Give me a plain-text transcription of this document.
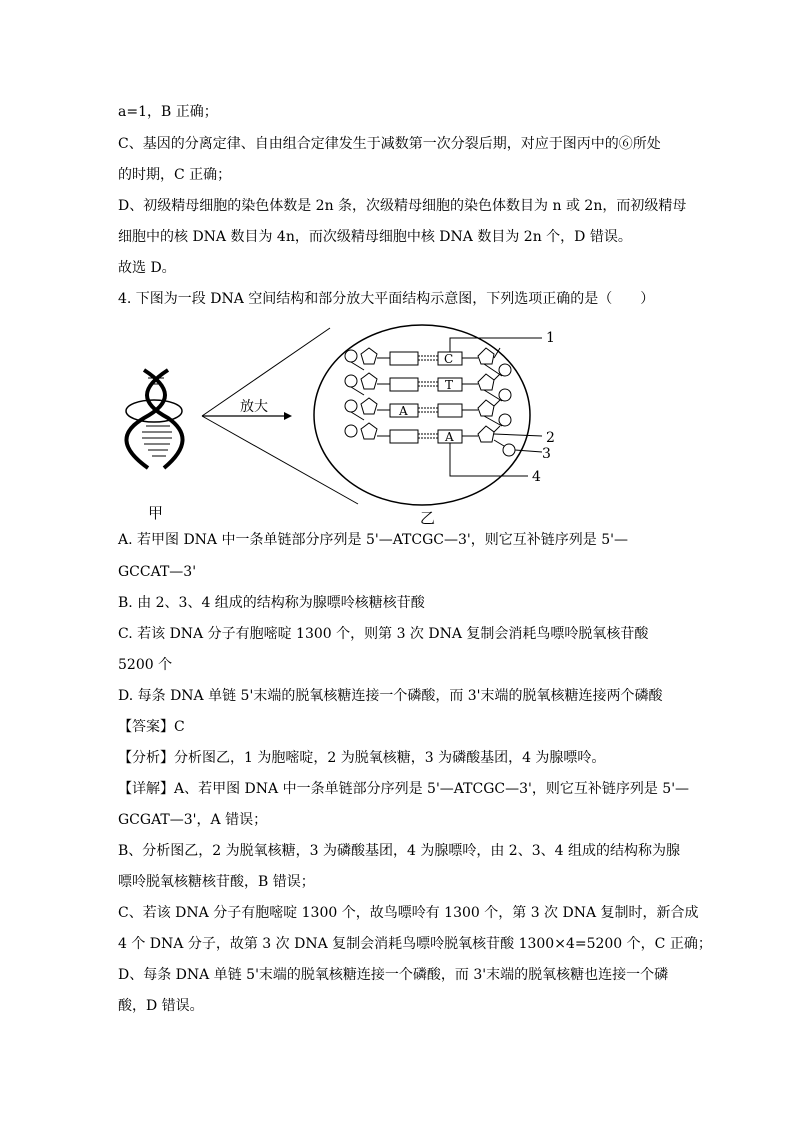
a=1，B 正确；
C、基因的分离定律、自由组合定律发生于减数第一次分裂后期，对应于图丙中的⑥所处
的时期，C 正确；
D、初级精母细胞的染色体数是 2n 条，次级精母细胞的染色体数目为 n 或 2n，而初级精母
细胞中的核 DNA 数目为 4n，而次级精母细胞中核 DNA 数目为 2n 个，D 错误。
故选 D。
4. 下图为一段 DNA 空间结构和部分放大平面结构示意图，下列选项正确的是（　　）
甲
放大
C
T
A
A
1
2
3
4
乙
A. 若甲图 DNA 中一条单链部分序列是 5'—ATCGC—3'，则它互补链序列是 5'—
GCCAT—3'
B. 由 2、3、4 组成的结构称为腺嘌呤核糖核苷酸
C. 若该 DNA 分子有胞嘧啶 1300 个，则第 3 次 DNA 复制会消耗鸟嘌呤脱氧核苷酸
5200 个
D. 每条 DNA 单链 5'末端的脱氧核糖连接一个磷酸，而 3'末端的脱氧核糖连接两个磷酸
【答案】C
【分析】分析图乙，1 为胞嘧啶，2 为脱氧核糖，3 为磷酸基团，4 为腺嘌呤。
【详解】A、若甲图 DNA 中一条单链部分序列是 5'—ATCGC—3'，则它互补链序列是 5'—
GCGAT—3'，A 错误；
B、分析图乙，2 为脱氧核糖，3 为磷酸基团，4 为腺嘌呤，由 2、3、4 组成的结构称为腺
嘌呤脱氧核糖核苷酸，B 错误；
C、若该 DNA 分子有胞嘧啶 1300 个，故鸟嘌呤有 1300 个，第 3 次 DNA 复制时，新合成
4 个 DNA 分子，故第 3 次 DNA 复制会消耗鸟嘌呤脱氧核苷酸 1300×4=5200 个，C 正确；
D、每条 DNA 单链 5'末端的脱氧核糖连接一个磷酸，而 3'末端的脱氧核糖也连接一个磷
酸，D 错误。
